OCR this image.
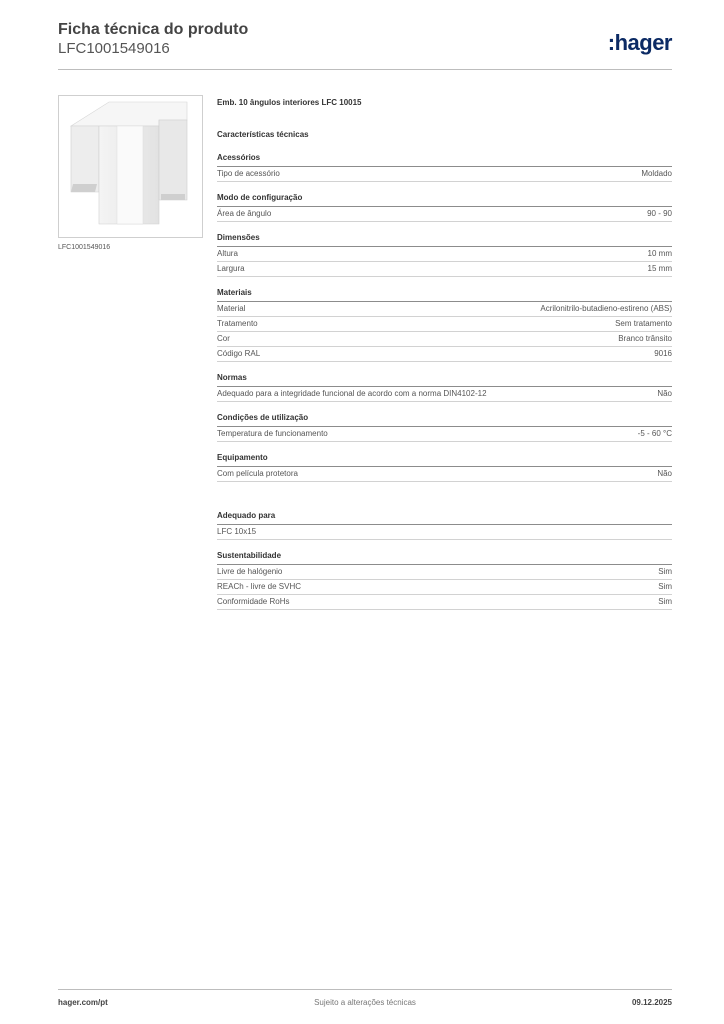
Ficha técnica do produto
LFC1001549016	:hager
LFC1001549016
Emb. 10 ângulos interiores LFC 10015
Características técnicas
Acessórios
Tipo de acessório	Moldado
Modo de configuração
Área de ângulo	90 - 90
Dimensões
Altura	10 mm
Largura	15 mm
Materiais
Material	Acrilonitrilo-butadieno-estireno (ABS)
Tratamento	Sem tratamento
Cor	Branco trânsito
Código RAL	9016
Normas
Adequado para a integridade funcional de acordo com a norma DIN4102-12	Não
Condições de utilização
Temperatura de funcionamento	-5 - 60 °C
Equipamento
Com película protetora	Não
Adequado para
LFC 10x15
Sustentabilidade
Livre de halógenio	Sim
REACh - livre de SVHC	Sim
Conformidade RoHs	Sim
hager.com/pt	Sujeito a alterações técnicas	09.12.2025
